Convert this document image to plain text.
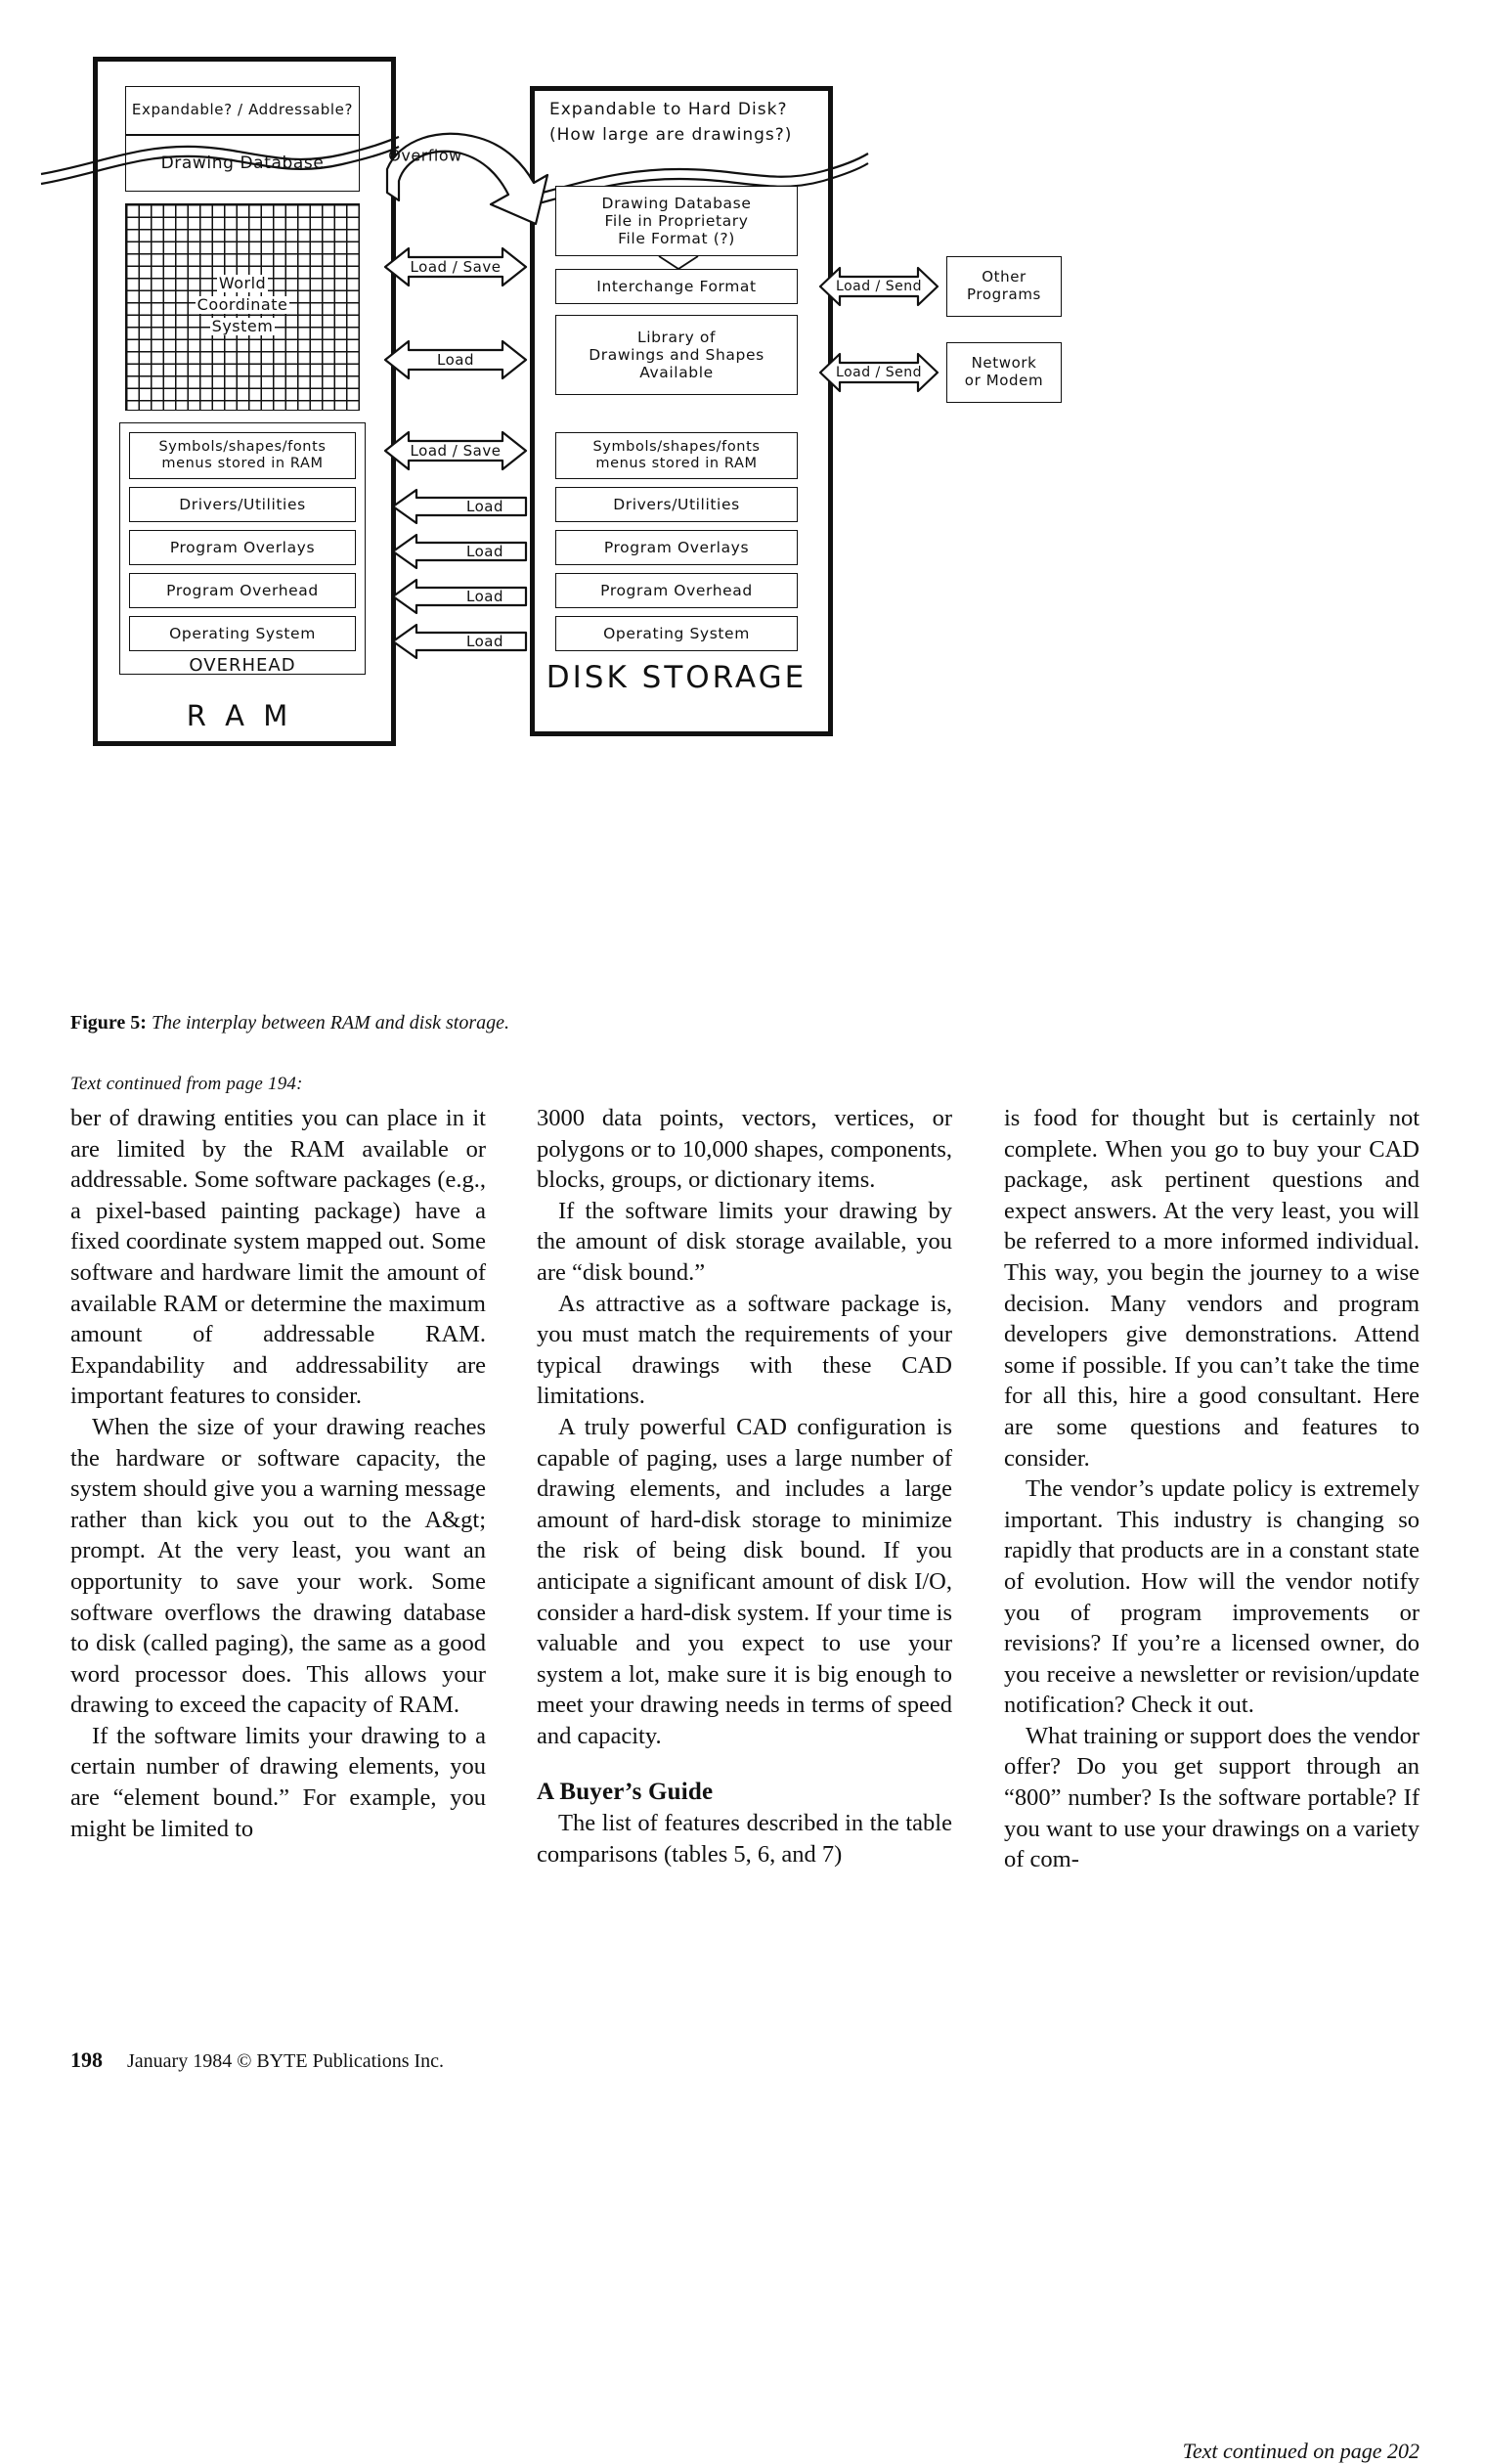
Expandable? / Addressable?
Drawing Database
World
Coordinate
System
Symbols/shapes/fonts
menus stored in RAM
Drivers/Utilities
Program Overlays
Program Overhead
Operating System
OVERHEAD
R A M
Expandable to Hard Disk?
(How large are drawings?)
Drawing Database
File in Proprietary
File Format (?)
Interchange Format
Library of
Drawings and Shapes
Available
Symbols/shapes/fonts
menus stored in RAM
Drivers/Utilities
Program Overlays
Program Overhead
Operating System
DISK STORAGE
Other
Programs
Network
or Modem
Overflow
Load / Save
Load
Load / Save
Load
Load
Load
Load
Load / Send
Load / Send
Figure 5: The interplay between RAM and disk storage.
Text continued from page 194:

ber of drawing entities you can place in it are limited by the RAM available or addressable. Some software packages (e.g., a pixel-based painting package) have a fixed coordinate system mapped out. Some software and hardware limit the amount of available RAM or determine the maximum amount of addressable RAM. Expandability and addressability are important features to consider.

When the size of your drawing reaches the hardware or software capacity, the system should give you a warning message rather than kick you out to the A&gt; prompt. At the very least, you want an opportunity to save your work. Some software overflows the drawing database to disk (called paging), the same as a good word processor does. This allows your drawing to exceed the capacity of RAM.

If the software limits your drawing to a certain number of drawing elements, you are “element bound.” For example, you might be limited to

3000 data points, vectors, vertices, or polygons or to 10,000 shapes, components, blocks, groups, or dictionary items.

If the software limits your drawing by the amount of disk storage available, you are “disk bound.”

As attractive as a software package is, you must match the requirements of your typical drawings with these CAD limitations.

A truly powerful CAD configuration is capable of paging, uses a large number of drawing elements, and includes a large amount of hard-disk storage to minimize the risk of being disk bound. If you anticipate a significant amount of disk I/O, consider a hard-disk system. If your time is valuable and you expect to use your system a lot, make sure it is big enough to meet your drawing needs in terms of speed and capacity.

A Buyer’s Guide

The list of features described in the table comparisons (tables 5, 6, and 7)

is food for thought but is certainly not complete. When you go to buy your CAD package, ask pertinent questions and expect answers. At the very least, you will be referred to a more informed individual. This way, you begin the journey to a wise decision. Many vendors and program developers give demonstrations. Attend some if possible. If you can’t take the time for all this, hire a good consultant. Here are some questions and features to consider.

The vendor’s update policy is extremely important. This industry is changing so rapidly that products are in a constant state of evolution. How will the vendor notify you of program improvements or revisions? If you’re a licensed owner, do you receive a newsletter or revision/update notification? Check it out.

What training or support does the vendor offer? Do you get support through an “800” number? Is the software portable? If you want to use your drawings on a variety of com-

Text continued on page 202
198 January 1984 © BYTE Publications Inc.
